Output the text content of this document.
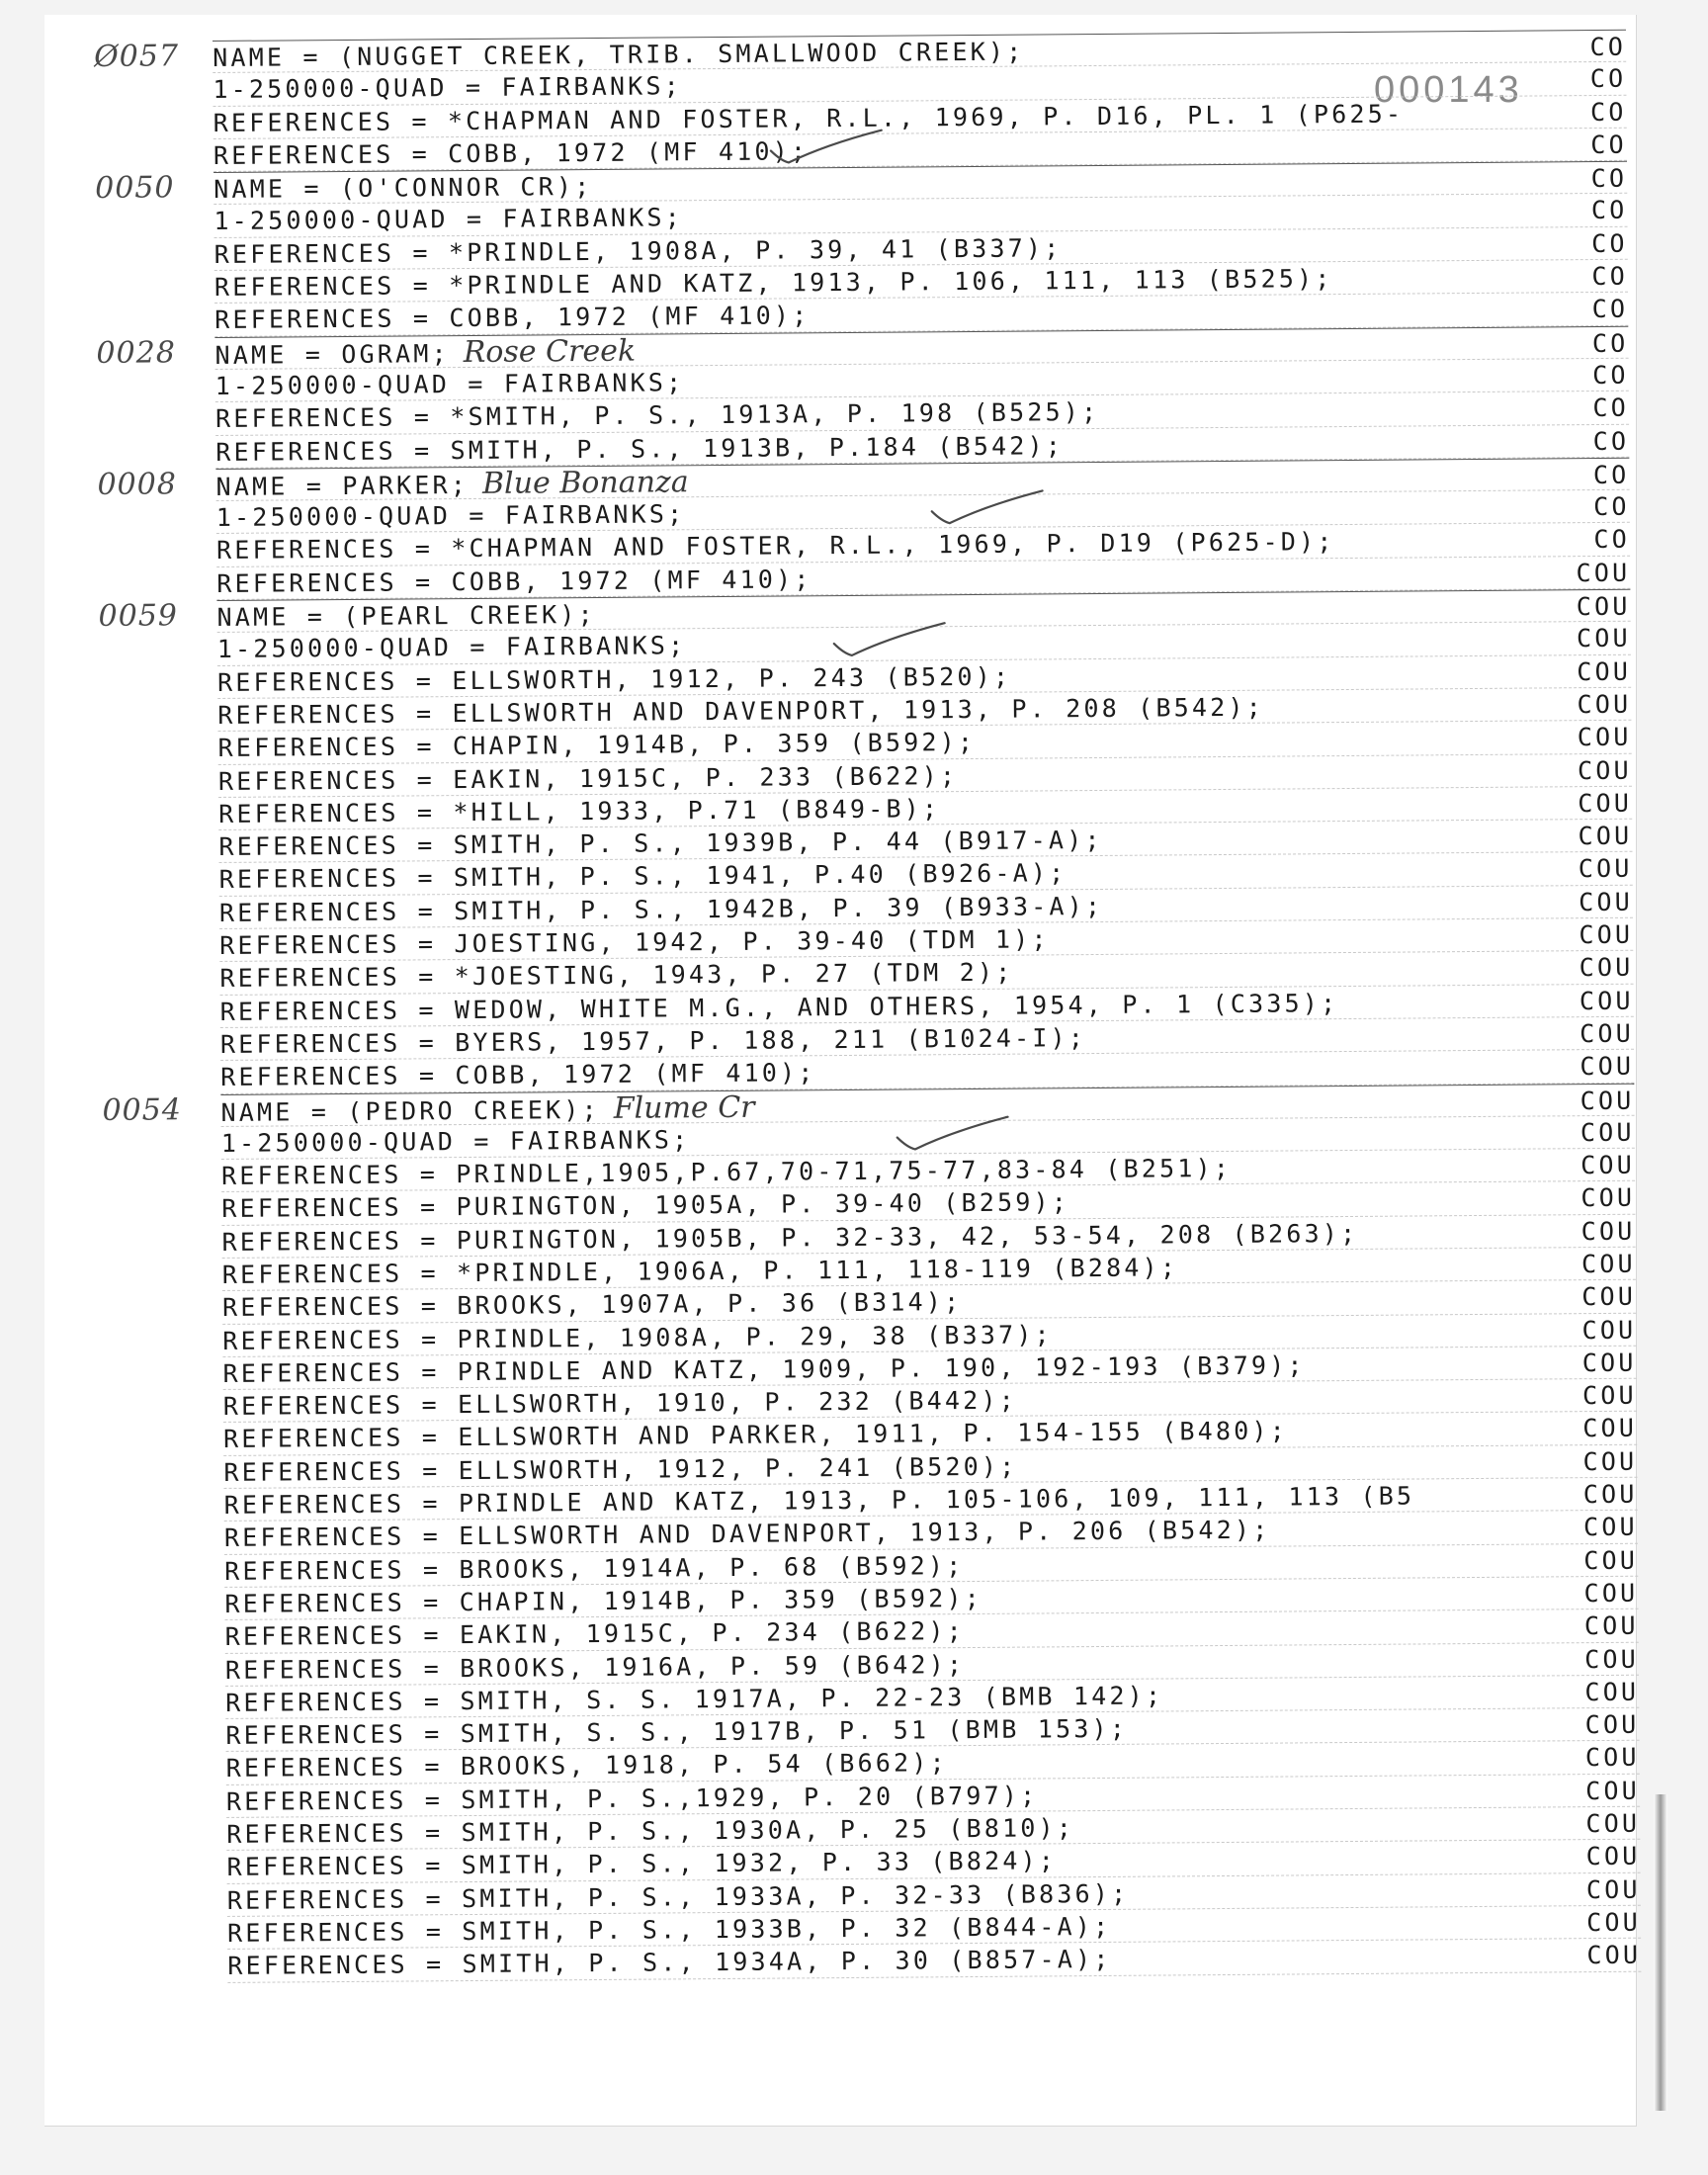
000143
Ø057 NAME = (NUGGET CREEK, TRIB. SMALLWOOD CREEK);	CO
1-250000-QUAD = FAIRBANKS;	CO
REFERENCES = *CHAPMAN AND FOSTER, R.L., 1969, P. D16, PL. 1 (P625-	CO
REFERENCES = COBB, 1972 (MF 410);	CO
0050 NAME = (O'CONNOR CR);	CO
1-250000-QUAD = FAIRBANKS;	CO
REFERENCES = *PRINDLE, 1908A, P. 39, 41 (B337);	CO
REFERENCES = *PRINDLE AND KATZ, 1913, P. 106, 111, 113 (B525);	CO
REFERENCES = COBB, 1972 (MF 410);	CO
0028 NAME = OGRAM; Rose Creek	CO
1-250000-QUAD = FAIRBANKS;	CO
REFERENCES = *SMITH, P. S., 1913A, P. 198 (B525);	CO
REFERENCES = SMITH, P. S., 1913B, P.184 (B542);	CO
0008 NAME = PARKER; Blue Bonanza	CO
1-250000-QUAD = FAIRBANKS;	CO
REFERENCES = *CHAPMAN AND FOSTER, R.L., 1969, P. D19 (P625-D);	CO
REFERENCES = COBB, 1972 (MF 410);	COU
0059 NAME = (PEARL CREEK);	COU
1-250000-QUAD = FAIRBANKS;	COU
REFERENCES = ELLSWORTH, 1912, P. 243 (B520);	COU
REFERENCES = ELLSWORTH AND DAVENPORT, 1913, P. 208 (B542);	COU
REFERENCES = CHAPIN, 1914B, P. 359 (B592);	COU
REFERENCES = EAKIN, 1915C, P. 233 (B622);	COU
REFERENCES = *HILL, 1933, P.71 (B849-B);	COU
REFERENCES = SMITH, P. S., 1939B, P. 44 (B917-A);	COU
REFERENCES = SMITH, P. S., 1941, P.40 (B926-A);	COU
REFERENCES = SMITH, P. S., 1942B, P. 39 (B933-A);	COU
REFERENCES = JOESTING, 1942, P. 39-40 (TDM 1);	COU
REFERENCES = *JOESTING, 1943, P. 27 (TDM 2);	COU
REFERENCES = WEDOW, WHITE M.G., AND OTHERS, 1954, P. 1 (C335);	COU
REFERENCES = BYERS, 1957, P. 188, 211 (B1024-I);	COU
REFERENCES = COBB, 1972 (MF 410);	COU
0054 NAME = (PEDRO CREEK); Flume Cr	COU
1-250000-QUAD = FAIRBANKS;	COU
REFERENCES = PRINDLE,1905,P.67,70-71,75-77,83-84 (B251);	COU
REFERENCES = PURINGTON, 1905A, P. 39-40 (B259);	COU
REFERENCES = PURINGTON, 1905B, P. 32-33, 42, 53-54, 208 (B263);	COU
REFERENCES = *PRINDLE, 1906A, P. 111, 118-119 (B284);	COU
REFERENCES = BROOKS, 1907A, P. 36 (B314);	COU
REFERENCES = PRINDLE, 1908A, P. 29, 38 (B337);	COU
REFERENCES = PRINDLE AND KATZ, 1909, P. 190, 192-193 (B379);	COU
REFERENCES = ELLSWORTH, 1910, P. 232 (B442);	COU
REFERENCES = ELLSWORTH AND PARKER, 1911, P. 154-155 (B480);	COU
REFERENCES = ELLSWORTH, 1912, P. 241 (B520);	COU
REFERENCES = PRINDLE AND KATZ, 1913, P. 105-106, 109, 111, 113 (B5	COU
REFERENCES = ELLSWORTH AND DAVENPORT, 1913, P. 206 (B542);	COU
REFERENCES = BROOKS, 1914A, P. 68 (B592);	COU
REFERENCES = CHAPIN, 1914B, P. 359 (B592);	COU
REFERENCES = EAKIN, 1915C, P. 234 (B622);	COU
REFERENCES = BROOKS, 1916A, P. 59 (B642);	COU
REFERENCES = SMITH, S. S. 1917A, P. 22-23 (BMB 142);	COU
REFERENCES = SMITH, S. S., 1917B, P. 51 (BMB 153);	COU
REFERENCES = BROOKS, 1918, P. 54 (B662);	COU
REFERENCES = SMITH, P. S.,1929, P. 20 (B797);	COU
REFERENCES = SMITH, P. S., 1930A, P. 25 (B810);	COU
REFERENCES = SMITH, P. S., 1932, P. 33 (B824);	COU
REFERENCES = SMITH, P. S., 1933A, P. 32-33 (B836);	COU
REFERENCES = SMITH, P. S., 1933B, P. 32 (B844-A);	COU
REFERENCES = SMITH, P. S., 1934A, P. 30 (B857-A);	COU
